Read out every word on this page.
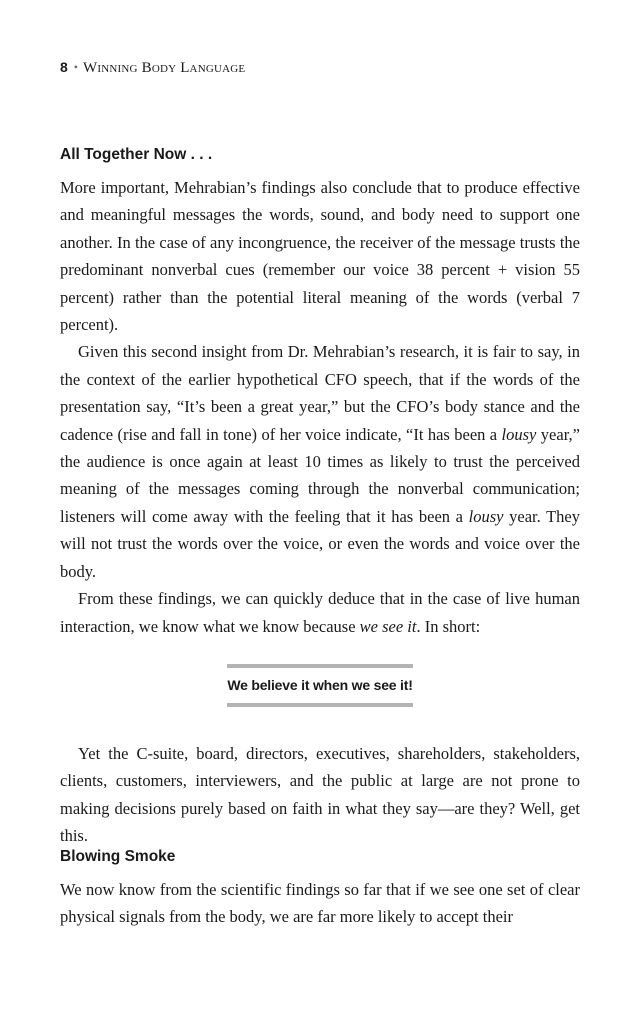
8 • Winning Body Language
All Together Now . . .

More important, Mehrabian’s findings also conclude that to produce effective and meaningful messages the words, sound, and body need to support one another. In the case of any incongruence, the receiver of the message trusts the predominant nonverbal cues (remember our voice 38 percent + vision 55 percent) rather than the potential literal meaning of the words (verbal 7 percent).

Given this second insight from Dr. Mehrabian’s research, it is fair to say, in the context of the earlier hypothetical CFO speech, that if the words of the presentation say, “It’s been a great year,” but the CFO’s body stance and the cadence (rise and fall in tone) of her voice indicate, “It has been a lousy year,” the audience is once again at least 10 times as likely to trust the perceived meaning of the messages coming through the nonverbal communication; listeners will come away with the feeling that it has been a lousy year. They will not trust the words over the voice, or even the words and voice over the body.

From these findings, we can quickly deduce that in the case of live human interaction, we know what we know because we see it. In short:

We believe it when we see it!

Yet the C-suite, board, directors, executives, shareholders, stakeholders, clients, customers, interviewers, and the public at large are not prone to making decisions purely based on faith in what they say—are they? Well, get this.

Blowing Smoke

We now know from the scientific findings so far that if we see one set of clear physical signals from the body, we are far more likely to accept their
